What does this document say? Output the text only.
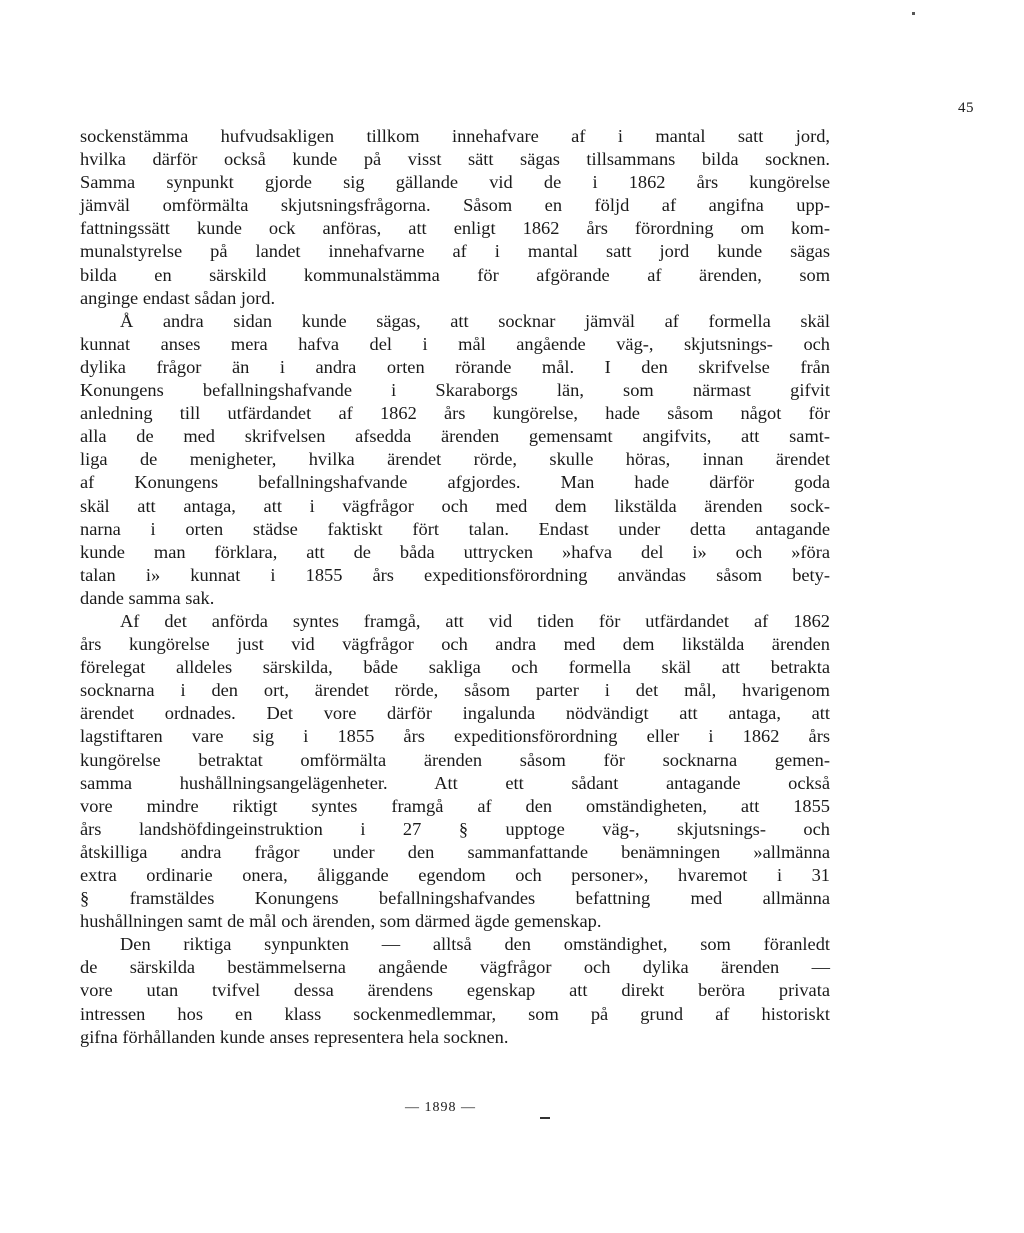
45
sockenstämma hufvudsakligen tillkom innehafvare af i mantal satt jord,
hvilka därför också kunde på visst sätt sägas tillsammans bilda socknen.
Samma synpunkt gjorde sig gällande vid de i 1862 års kungörelse
jämväl omförmälta skjutsningsfrågorna. Såsom en följd af angifna upp-
fattningssätt kunde ock anföras, att enligt 1862 års förordning om kom-
munalstyrelse på landet innehafvarne af i mantal satt jord kunde sägas
bilda en särskild kommunalstämma för afgörande af ärenden, som
anginge endast sådan jord.
Å andra sidan kunde sägas, att socknar jämväl af formella skäl
kunnat anses mera hafva del i mål angående väg-, skjutsnings- och
dylika frågor än i andra orten rörande mål. I den skrifvelse från
Konungens befallningshafvande i Skaraborgs län, som närmast gifvit
anledning till utfärdandet af 1862 års kungörelse, hade såsom något för
alla de med skrifvelsen afsedda ärenden gemensamt angifvits, att samt-
liga de menigheter, hvilka ärendet rörde, skulle höras, innan ärendet
af Konungens befallningshafvande afgjordes. Man hade därför goda
skäl att antaga, att i vägfrågor och med dem likstälda ärenden sock-
narna i orten städse faktiskt fört talan. Endast under detta antagande
kunde man förklara, att de båda uttrycken »hafva del i» och »föra
talan i» kunnat i 1855 års expeditionsförordning användas såsom bety-
dande samma sak.
Af det anförda syntes framgå, att vid tiden för utfärdandet af 1862
års kungörelse just vid vägfrågor och andra med dem likstälda ärenden
förelegat alldeles särskilda, både sakliga och formella skäl att betrakta
socknarna i den ort, ärendet rörde, såsom parter i det mål, hvarigenom
ärendet ordnades. Det vore därför ingalunda nödvändigt att antaga, att
lagstiftaren vare sig i 1855 års expeditionsförordning eller i 1862 års
kungörelse betraktat omförmälta ärenden såsom för socknarna gemen-
samma hushållningsangelägenheter. Att ett sådant antagande också
vore mindre riktigt syntes framgå af den omständigheten, att 1855
års landshöfdingeinstruktion i 27 § upptoge väg-, skjutsnings- och
åtskilliga andra frågor under den sammanfattande benämningen »allmänna
extra ordinarie onera, åliggande egendom och personer», hvaremot i 31
§ framstäldes Konungens befallningshafvandes befattning med allmänna
hushållningen samt de mål och ärenden, som därmed ägde gemenskap.
Den riktiga synpunkten — alltså den omständighet, som föranledt
de särskilda bestämmelserna angående vägfrågor och dylika ärenden —
vore utan tvifvel dessa ärendens egenskap att direkt beröra privata
intressen hos en klass sockenmedlemmar, som på grund af historiskt
gifna förhållanden kunde anses representera hela socknen.
— 1898 —
